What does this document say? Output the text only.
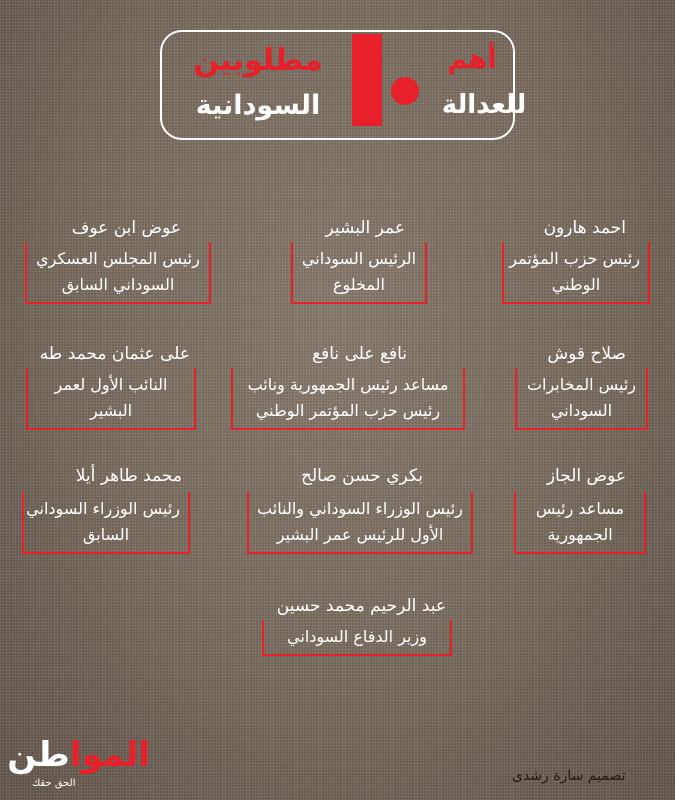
أهم
مطلوبين
للعدالة
السودانية
احمد هارون
رئيس حزب المؤتمر
الوطني
عمر البشير
الرئيس السوداني
المخلوع
عوض ابن عوف
رئيس المجلس العسكري
السوداني السابق
صلاح قوش
رئيس المخابرات
السوداني
نافع على نافع
مساعد رئيس الجمهورية ونائب
رئيس حزب المؤتمر الوطني
على عثمان محمد طه
النائب الأول لعمر
البشير
عوض الجاز
مساعد رئيس
الجمهورية
بكري حسن صالح
رئيس الوزراء السوداني والنائب
الأول للرئيس عمر البشير
محمد طاهر أيلا
رئيس الوزراء السوداني
السابق
عبد الرحيم محمد حسين
وزير الدفاع السوداني
المواطن
الحق حقك	تصميم سارة رشدى
